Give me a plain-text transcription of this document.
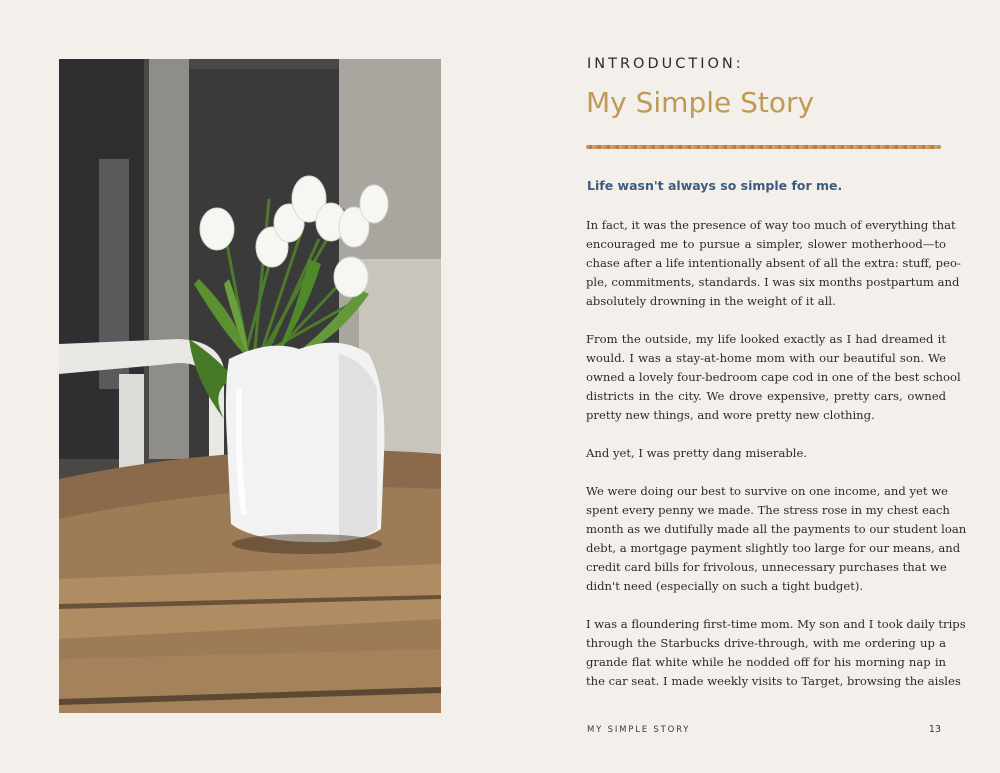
INTRODUCTION:
My Simple Story

Life wasn't always so simple for me.

In fact, it was the presence of way too much of everything that
encouraged me to pursue a simpler, slower motherhood—to
chase after a life intentionally absent of all the extra: stuff, peo-
ple, commitments, standards. I was six months postpartum and
absolutely drowning in the weight of it all.
From the outside, my life looked exactly as I had dreamed it
would. I was a stay-at-home mom with our beautiful son. We
owned a lovely four-bedroom cape cod in one of the best school
districts in the city. We drove expensive, pretty cars, owned
pretty new things, and wore pretty new clothing.
And yet, I was pretty dang miserable.
We were doing our best to survive on one income, and yet we
spent every penny we made. The stress rose in my chest each
month as we dutifully made all the payments to our student loan
debt, a mortgage payment slightly too large for our means, and
credit card bills for frivolous, unnecessary purchases that we
didn't need (especially on such a tight budget).
I was a floundering first-time mom. My son and I took daily trips
through the Starbucks drive-through, with me ordering up a
grande flat white while he nodded off for his morning nap in
the car seat. I made weekly visits to Target, browsing the aisles
MY SIMPLE STORY	13
